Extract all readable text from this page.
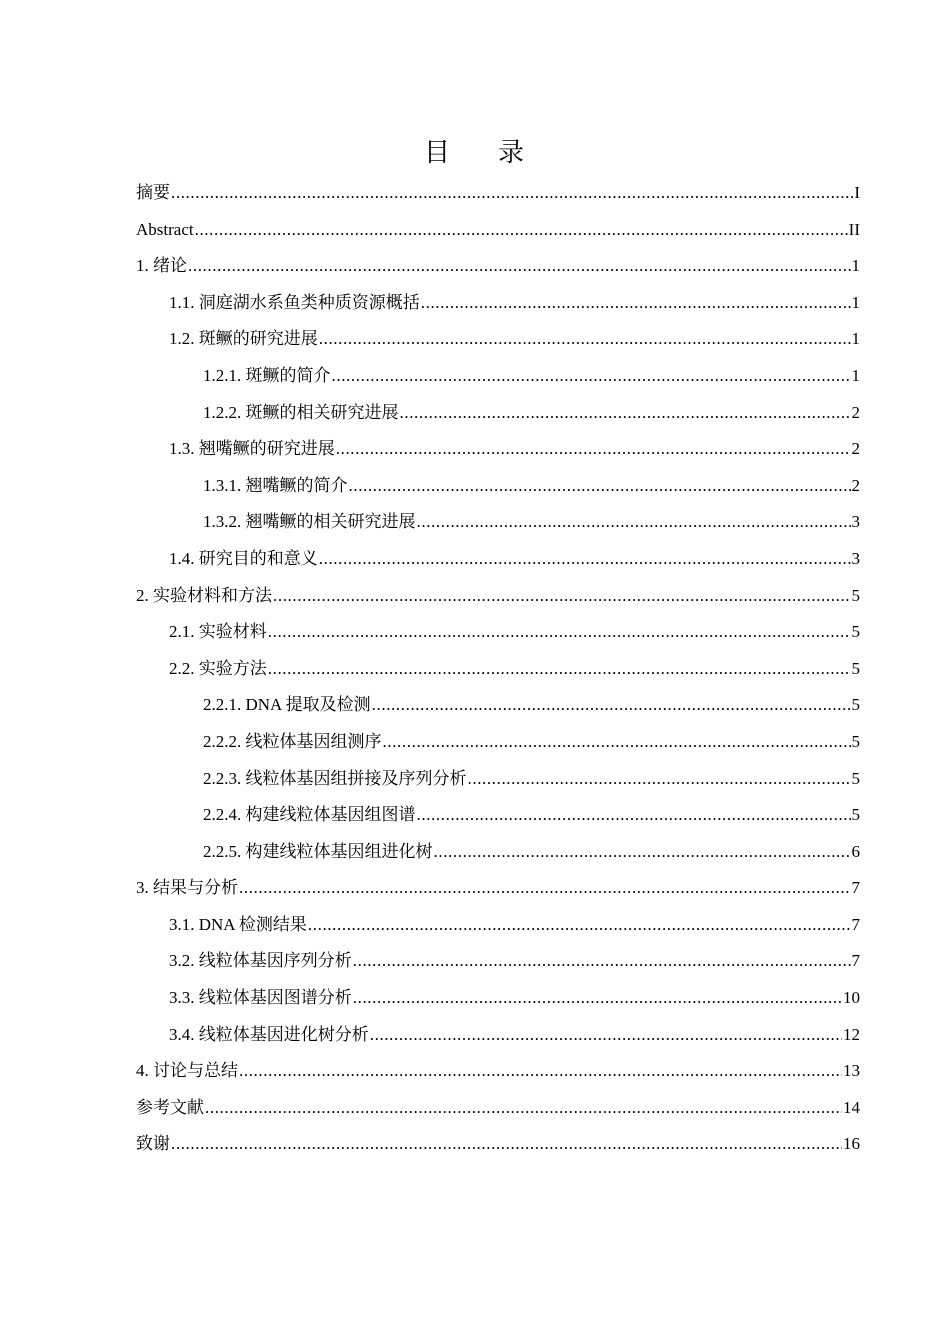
目 录
摘要 .....	I
Abstract .....	II
1. 绪论 .....	1
1.1. 洞庭湖水系鱼类种质资源概括 .....	1
1.2. 斑鳜的研究进展 .....	1
1.2.1. 斑鳜的简介 .....	1
1.2.2. 斑鳜的相关研究进展 .....	2
1.3. 翘嘴鳜的研究进展 .....	2
1.3.1. 翘嘴鳜的简介 .....	2
1.3.2. 翘嘴鳜的相关研究进展 .....	3
1.4. 研究目的和意义 .....	3
2. 实验材料和方法 .....	5
2.1. 实验材料 .....	5
2.2. 实验方法 .....	5
2.2.1. DNA 提取及检测 .....	5
2.2.2. 线粒体基因组测序 .....	5
2.2.3. 线粒体基因组拼接及序列分析 .....	5
2.2.4. 构建线粒体基因组图谱 .....	5
2.2.5. 构建线粒体基因组进化树 .....	6
3. 结果与分析 .....	7
3.1. DNA 检测结果 .....	7
3.2. 线粒体基因序列分析 .....	7
3.3. 线粒体基因图谱分析 .....	10
3.4. 线粒体基因进化树分析 .....	12
4. 讨论与总结 .....	13
参考文献 .....	14
致谢 .....	16
